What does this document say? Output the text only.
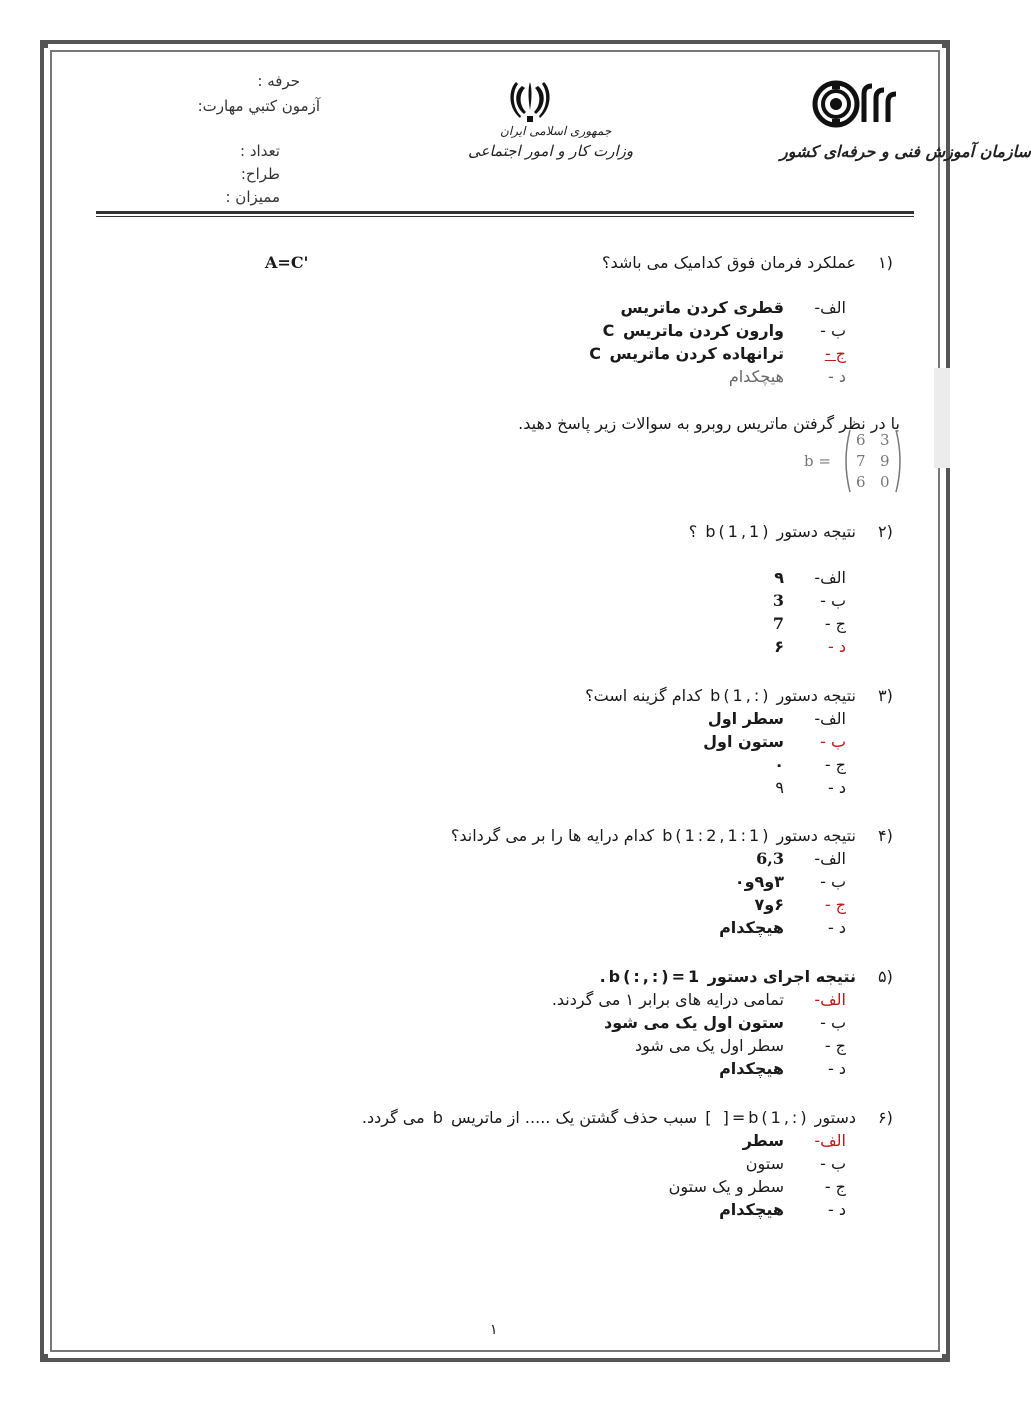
حرفه :
آزمون كتبي مهارت:
تعداد :
طراح:
مميزان :
جمهوری اسلامی ایران
وزارت کار و امور اجتماعی	سازمان آموزش فنی و حرفه‌ای کشور
۱)
عملکرد فرمان فوق کدامیک می باشد؟
A=C'
الف-قطری کردن ماتریس
ب -وارون کردن ماتریس C
ج -ترانهاده کردن ماتریس C
د -هیچکدام
با در نظر گرفتن ماتریس روبرو به سوالات زیر پاسخ دهید.
b =
6 3
7 9
6 0
۲)
نتیجه دستور b(1,1) ؟
الف-۹
ب -3
ج -7
د -۶
۳)
نتیجه دستور b(1,:) کدام گزینه است؟
الف-سطر اول
ب -ستون اول
ج -۰
د -۹
۴)
نتیجه دستور b(1:2,1:1) کدام درایه ها را بر می گرداند؟
الف-6,3
ب -۳و۹و۰
ج -۶و۷
د -هیچکدام
۵)
نتیجه اجرای دستور b(:,:)=1.
الف-تمامی درایه های برابر ۱ می گردند.
ب -ستون اول یک می شود
ج -سطر اول یک می شود
د -هیچکدام
۶)
دستور b(1,:)=[ ] سبب حذف گشتن یک ..... از ماتریس b می گردد.
الف-سطر
ب -ستون
ج -سطر و یک ستون
د -هیچکدام
۱
